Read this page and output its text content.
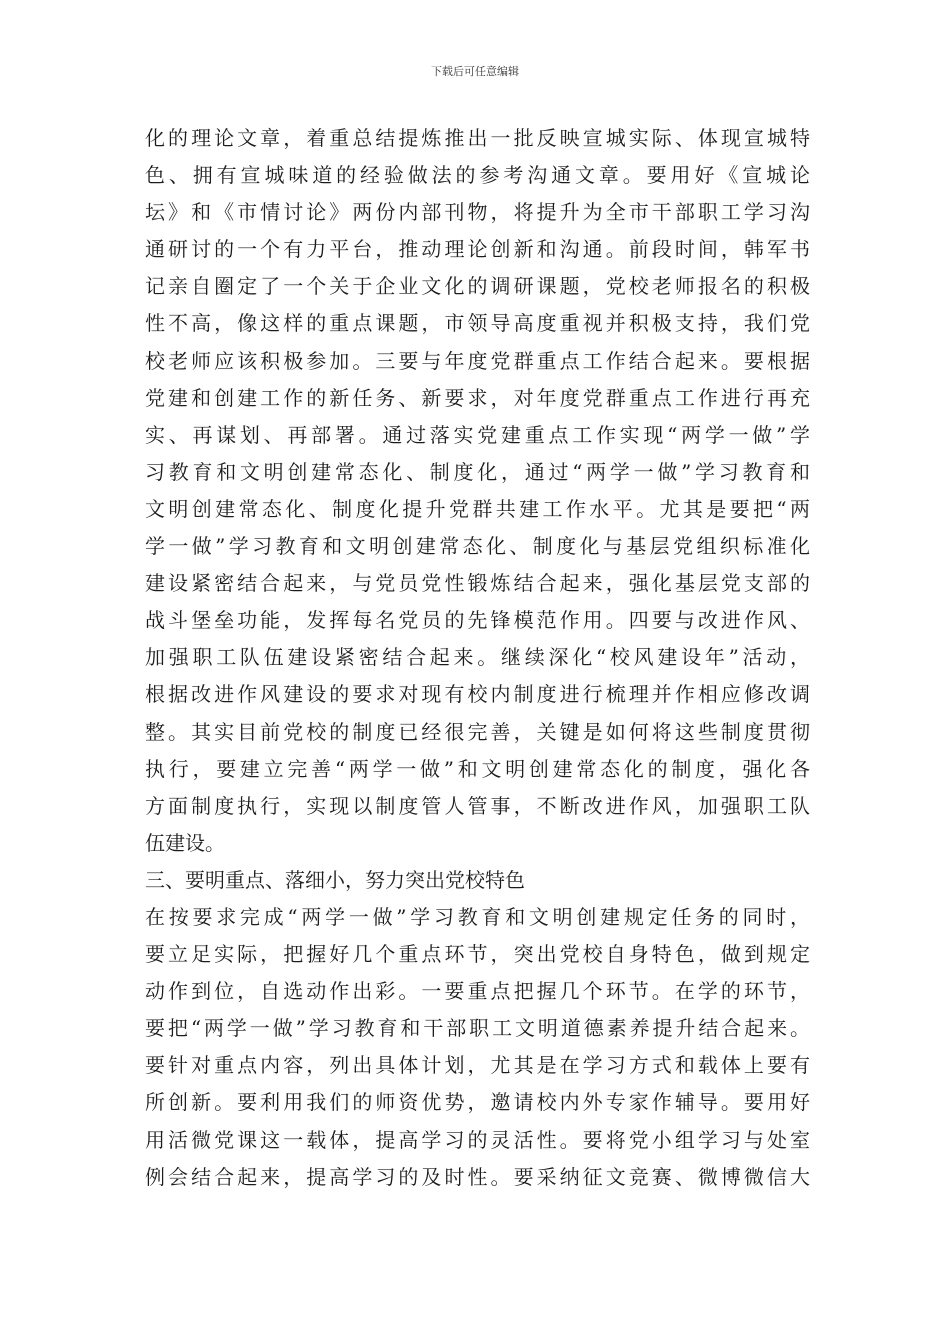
下载后可任意编辑
化的理论文章，着重总结提炼推出一批反映宣城实际、体现宣城特
色、拥有宣城味道的经验做法的参考沟通文章。要用好《宣城论
坛》和《市情讨论》两份内部刊物，将提升为全市干部职工学习沟
通研讨的一个有力平台，推动理论创新和沟通。前段时间，韩军书
记亲自圈定了一个关于企业文化的调研课题，党校老师报名的积极
性不高，像这样的重点课题，市领导高度重视并积极支持，我们党
校老师应该积极参加。三要与年度党群重点工作结合起来。要根据
党建和创建工作的新任务、新要求，对年度党群重点工作进行再充
实、再谋划、再部署。通过落实党建重点工作实现“两学一做”学
习教育和文明创建常态化、制度化，通过“两学一做”学习教育和
文明创建常态化、制度化提升党群共建工作水平。尤其是要把“两
学一做”学习教育和文明创建常态化、制度化与基层党组织标准化
建设紧密结合起来，与党员党性锻炼结合起来，强化基层党支部的
战斗堡垒功能，发挥每名党员的先锋模范作用。四要与改进作风、
加强职工队伍建设紧密结合起来。继续深化“校风建设年”活动，
根据改进作风建设的要求对现有校内制度进行梳理并作相应修改调
整。其实目前党校的制度已经很完善，关键是如何将这些制度贯彻
执行，要建立完善“两学一做”和文明创建常态化的制度，强化各
方面制度执行，实现以制度管人管事，不断改进作风，加强职工队
伍建设。
三、要明重点、落细小，努力突出党校特色
在按要求完成“两学一做”学习教育和文明创建规定任务的同时，
要立足实际，把握好几个重点环节，突出党校自身特色，做到规定
动作到位，自选动作出彩。一要重点把握几个环节。在学的环节，
要把“两学一做”学习教育和干部职工文明道德素养提升结合起来。
要针对重点内容，列出具体计划，尤其是在学习方式和载体上要有
所创新。要利用我们的师资优势，邀请校内外专家作辅导。要用好
用活微党课这一载体，提高学习的灵活性。要将党小组学习与处室
例会结合起来，提高学习的及时性。要采纳征文竞赛、微博微信大
